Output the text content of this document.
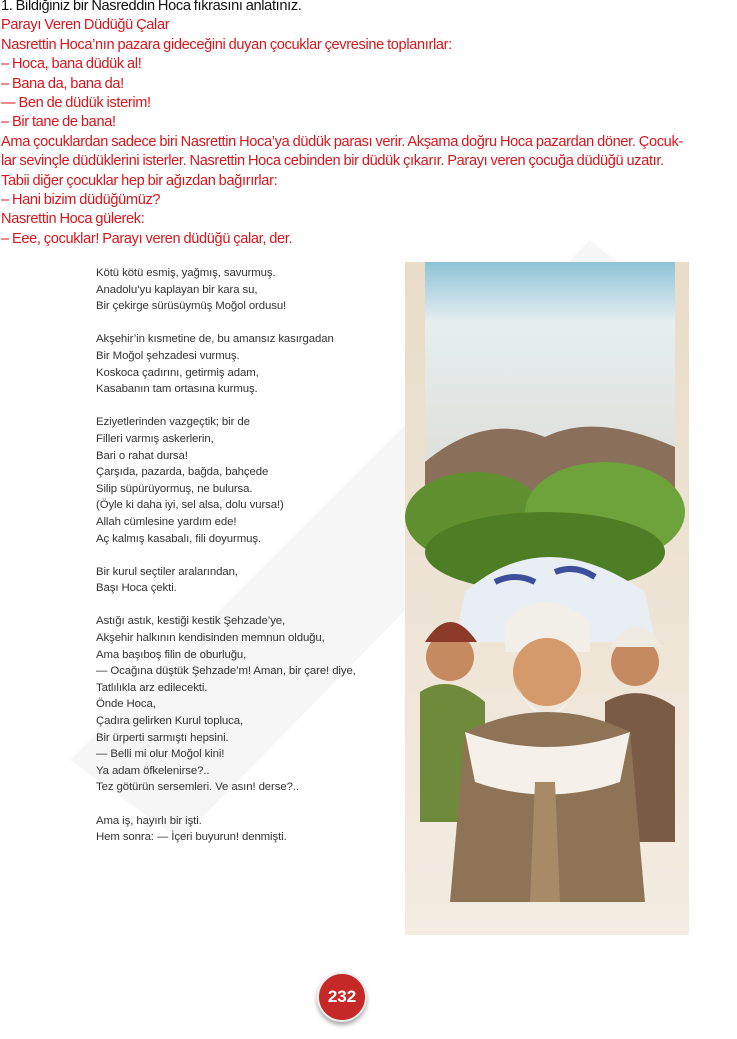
1. Bildiğiniz bir Nasreddin Hoca fıkrasını anlatınız.
Parayı Veren Düdüğü Çalar
Nasrettin Hoca’nın pazara gideceğini duyan çocuklar çevresine toplanırlar:
– Hoca, bana düdük al!
– Bana da, bana da!
— Ben de düdük isterim!
– Bir tane de bana!
Ama çocuklardan sadece biri Nasrettin Hoca’ya düdük parası verir. Akşama doğru Hoca pazardan döner. Çocuk-
lar sevinçle düdüklerini isterler. Nasrettin Hoca cebinden bir düdük çıkarır. Parayı veren çocuğa düdüğü uzatır.
Tabii diğer çocuklar hep bir ağızdan bağırırlar:
– Hani bizim düdüğümüz?
Nasrettin Hoca gülerek:
– Eee, çocuklar! Parayı veren düdüğü çalar, der.
Kötü kötü esmiş, yağmış, savurmuş.
Anadolu’yu kaplayan bir kara su,
Bir çekirge sürüsüymüş Moğol ordusu!
Akşehir’in kısmetine de, bu amansız kasırgadan
Bir Moğol şehzadesi vurmuş.
Koskoca çadırını, getirmiş adam,
Kasabanın tam ortasına kurmuş.
Eziyetlerinden vazgeçtik; bir de
Filleri varmış askerlerin,
Bari o rahat dursa!
Çarşıda, pazarda, bağda, bahçede
Silip süpürüyormuş, ne bulursa.
(Öyle ki daha iyi, sel alsa, dolu vursa!)
Allah cümlesine yardım ede!
Aç kalmış kasabalı, fili doyurmuş.
Bir kurul seçtiler aralarından,
Başı Hoca çekti.
Astığı astık, kestiği kestik Şehzade’ye,
Akşehir halkının kendisinden memnun olduğu,
Ama başıboş filin de oburluğu,
— Ocağına düştük Şehzade’m! Aman, bir çare! diye,
Tatlılıkla arz edilecekti.
Önde Hoca,
Çadıra gelirken Kurul topluca,
Bir ürperti sarmıştı hepsini.
— Belli mi olur Moğol kini!
Ya adam öfkelenirse?..
Tez götürün sersemleri. Ve asın! derse?..
Ama iş, hayırlı bir işti.
Hem sonra: — İçeri buyurun! denmişti.
232
